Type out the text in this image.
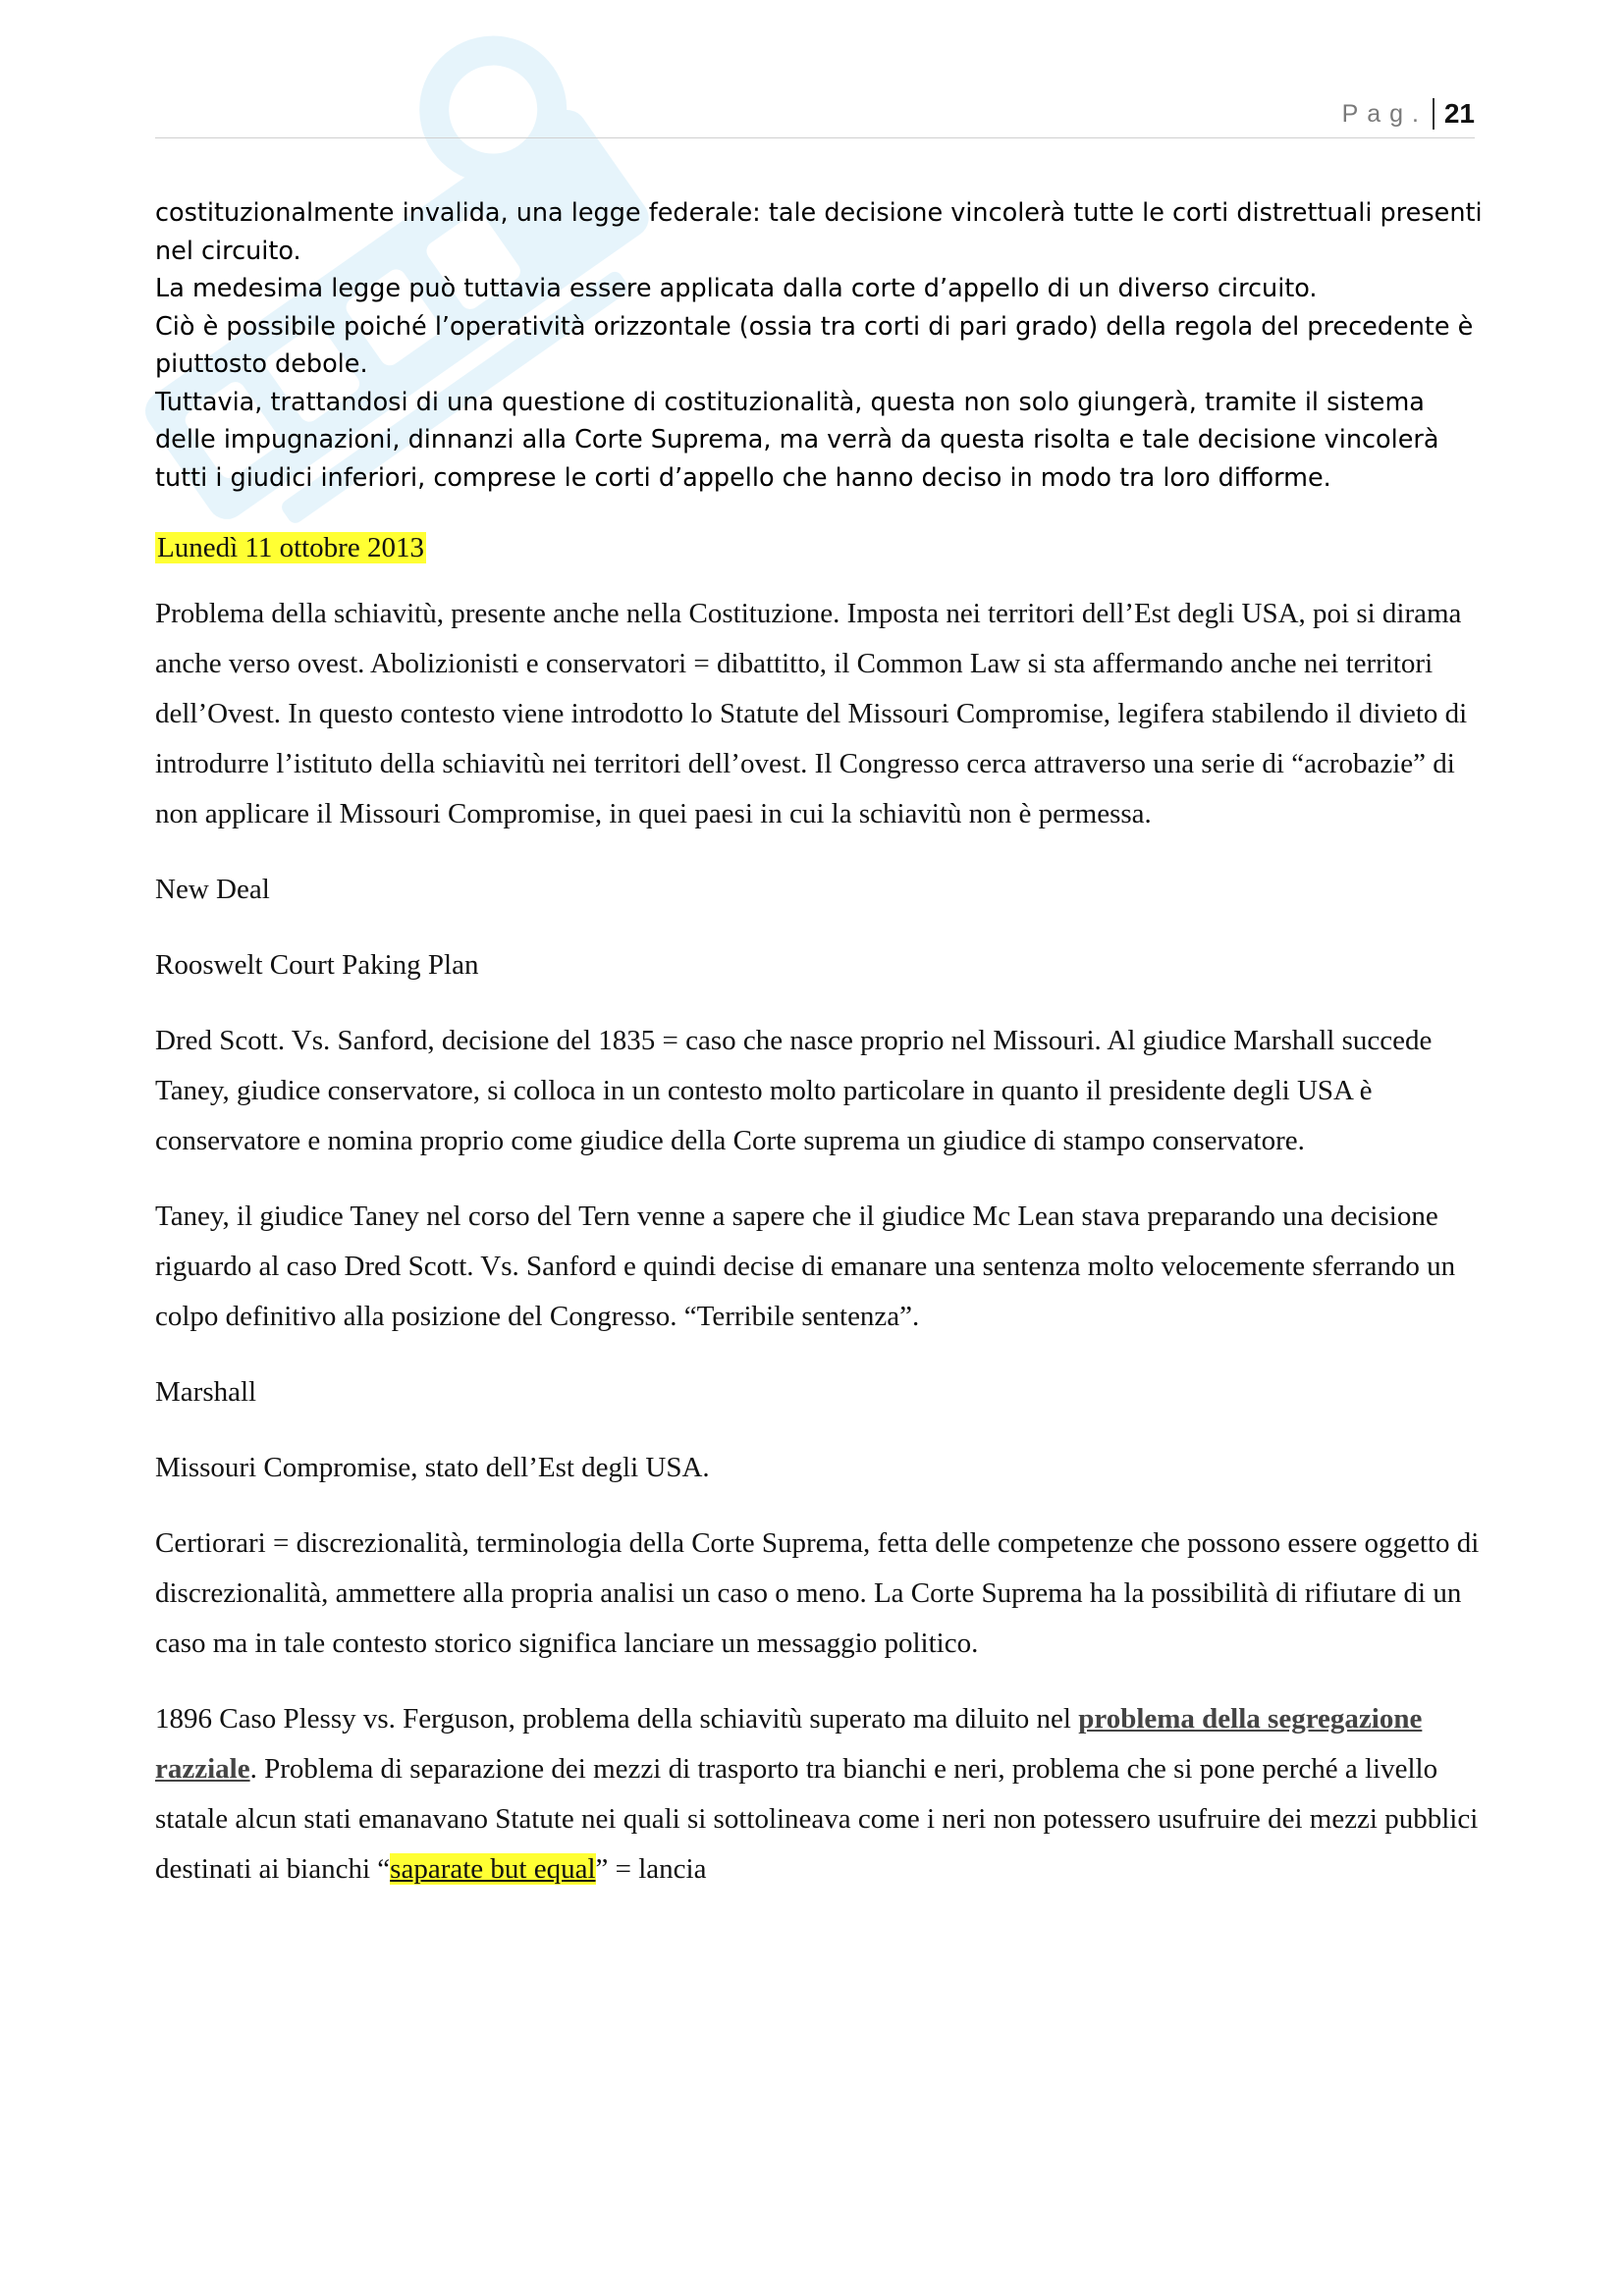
Pag. 21

costituzionalmente invalida, una legge federale: tale decisione vincolerà tutte le corti distrettuali presenti nel circuito.

La medesima legge può tuttavia essere applicata dalla corte d’appello di un diverso circuito.

Ciò è possibile poiché l’operatività orizzontale (ossia tra corti di pari grado) della regola del precedente è piuttosto debole.

Tuttavia, trattandosi di una questione di costituzionalità, questa non solo giungerà, tramite il sistema delle impugnazioni, dinnanzi alla Corte Suprema, ma verrà da questa risolta e tale decisione vincolerà tutti i giudici inferiori, comprese le corti d’appello che hanno deciso in modo tra loro difforme.

Lunedì 11 ottobre 2013

Problema della schiavitù, presente anche nella Costituzione. Imposta nei territori dell’Est degli USA, poi si dirama anche verso ovest. Abolizionisti e conservatori = dibattitto, il Common Law si sta affermando anche nei territori dell’Ovest. In questo contesto viene introdotto lo Statute del Missouri Compromise, legifera stabilendo il divieto di introdurre l’istituto della schiavitù nei territori dell’ovest. Il Congresso cerca attraverso una serie di “acrobazie” di non applicare il Missouri Compromise, in quei paesi in cui la schiavitù non è permessa.

New Deal

Rooswelt Court Paking Plan

Dred Scott. Vs. Sanford, decisione del 1835 = caso che nasce proprio nel Missouri. Al giudice Marshall succede Taney, giudice conservatore, si colloca in un contesto molto particolare in quanto il presidente degli USA è conservatore e nomina proprio come giudice della Corte suprema un giudice di stampo conservatore.

Taney, il giudice Taney nel corso del Tern venne a sapere che il giudice Mc Lean stava preparando una decisione riguardo al caso Dred Scott. Vs. Sanford e quindi decise di emanare una sentenza molto velocemente sferrando un colpo definitivo alla posizione del Congresso. “Terribile sentenza”.

Marshall

Missouri Compromise, stato dell’Est degli USA.

Certiorari = discrezionalità, terminologia della Corte Suprema, fetta delle competenze che possono essere oggetto di discrezionalità, ammettere alla propria analisi un caso o meno. La Corte Suprema ha la possibilità di rifiutare di un caso ma in tale contesto storico significa lanciare un messaggio politico.

1896 Caso Plessy vs. Ferguson, problema della schiavitù superato ma diluito nel problema della segregazione razziale. Problema di separazione dei mezzi di trasporto tra bianchi e neri, problema che si pone perché a livello statale alcun stati emanavano Statute nei quali si sottolineava come i neri non potessero usufruire dei mezzi pubblici destinati ai bianchi “saparate but equal” = lancia
